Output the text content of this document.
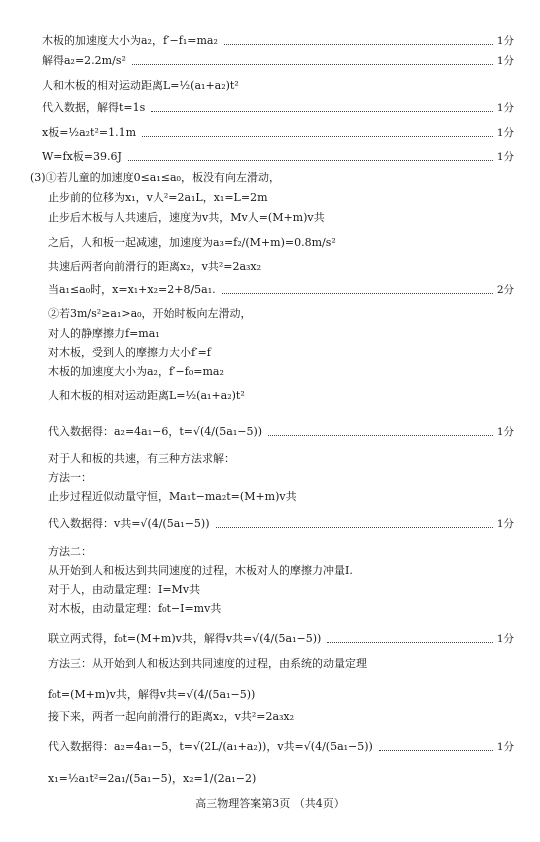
木板的加速度大小为a₂，f′−f₁=ma₂	1分
解得a₂=2.2m/s²	1分
人和木板的相对运动距离L=½(a₁+a₂)t²
代入数据，解得t=1s	1分
x板=½a₂t²=1.1m	1分
W=fx板=39.6J	1分
(3)①若儿童的加速度0≤a₁≤a₀，板没有向左滑动，
止步前的位移为x₁，v人²=2a₁L，x₁=L=2m
止步后木板与人共速后，速度为v共，Mv人=(M+m)v共
之后，人和板一起减速，加速度为a₃=f₂/(M+m)=0.8m/s²
共速后两者向前滑行的距离x₂，v共²=2a₃x₂
当a₁≤a₀时，x=x₁+x₂=2+8/5a₁.	2分
②若3m/s²≥a₁>a₀，开始时板向左滑动，
对人的静摩擦力f=ma₁
对木板，受到人的摩擦力大小f′=f
木板的加速度大小为a₂，f′−f₀=ma₂
人和木板的相对运动距离L=½(a₁+a₂)t²
代入数据得：a₂=4a₁−6，t=√(4/(5a₁−5))	1分
对于人和板的共速，有三种方法求解：
方法一：
止步过程近似动量守恒，Ma₁t−ma₂t=(M+m)v共
代入数据得：v共=√(4/(5a₁−5))	1分
方法二：
从开始到人和板达到共同速度的过程，木板对人的摩擦力冲量I.
对于人，由动量定理：I=Mv共
对木板，由动量定理：f₀t−I=mv共
联立两式得，f₀t=(M+m)v共，解得v共=√(4/(5a₁−5))	1分
方法三：从开始到人和板达到共同速度的过程，由系统的动量定理
f₀t=(M+m)v共，解得v共=√(4/(5a₁−5))
接下来，两者一起向前滑行的距离x₂，v共²=2a₃x₂
代入数据得：a₂=4a₁−5，t=√(2L/(a₁+a₂))，v共=√(4/(5a₁−5))	1分
x₁=½a₁t²=2a₁/(5a₁−5)，x₂=1/(2a₁−2)
高三物理答案第3页 （共4页）
